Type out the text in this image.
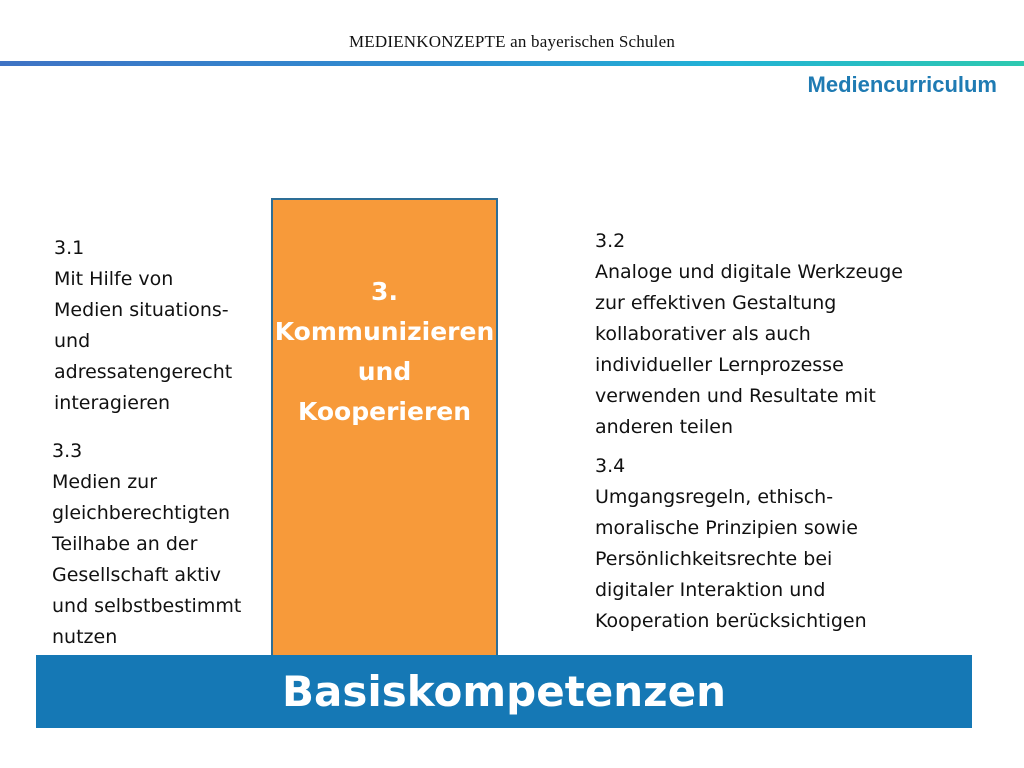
MEDIENKONZEPTE an bayerischen Schulen
Mediencurriculum
3.
Kommunizieren
und
Kooperieren
3.1
Mit Hilfe von
Medien situations-
und
adressatengerecht
interagieren
3.3
Medien zur
gleichberechtigten
Teilhabe an der
Gesellschaft aktiv
und selbstbestimmt
nutzen
3.2
Analoge und digitale Werkzeuge
zur effektiven Gestaltung
kollaborativer als auch
individueller Lernprozesse
verwenden und Resultate mit
anderen teilen
3.4
Umgangsregeln, ethisch-
moralische Prinzipien sowie
Persönlichkeitsrechte bei
digitaler Interaktion und
Kooperation berücksichtigen
Basiskompetenzen
